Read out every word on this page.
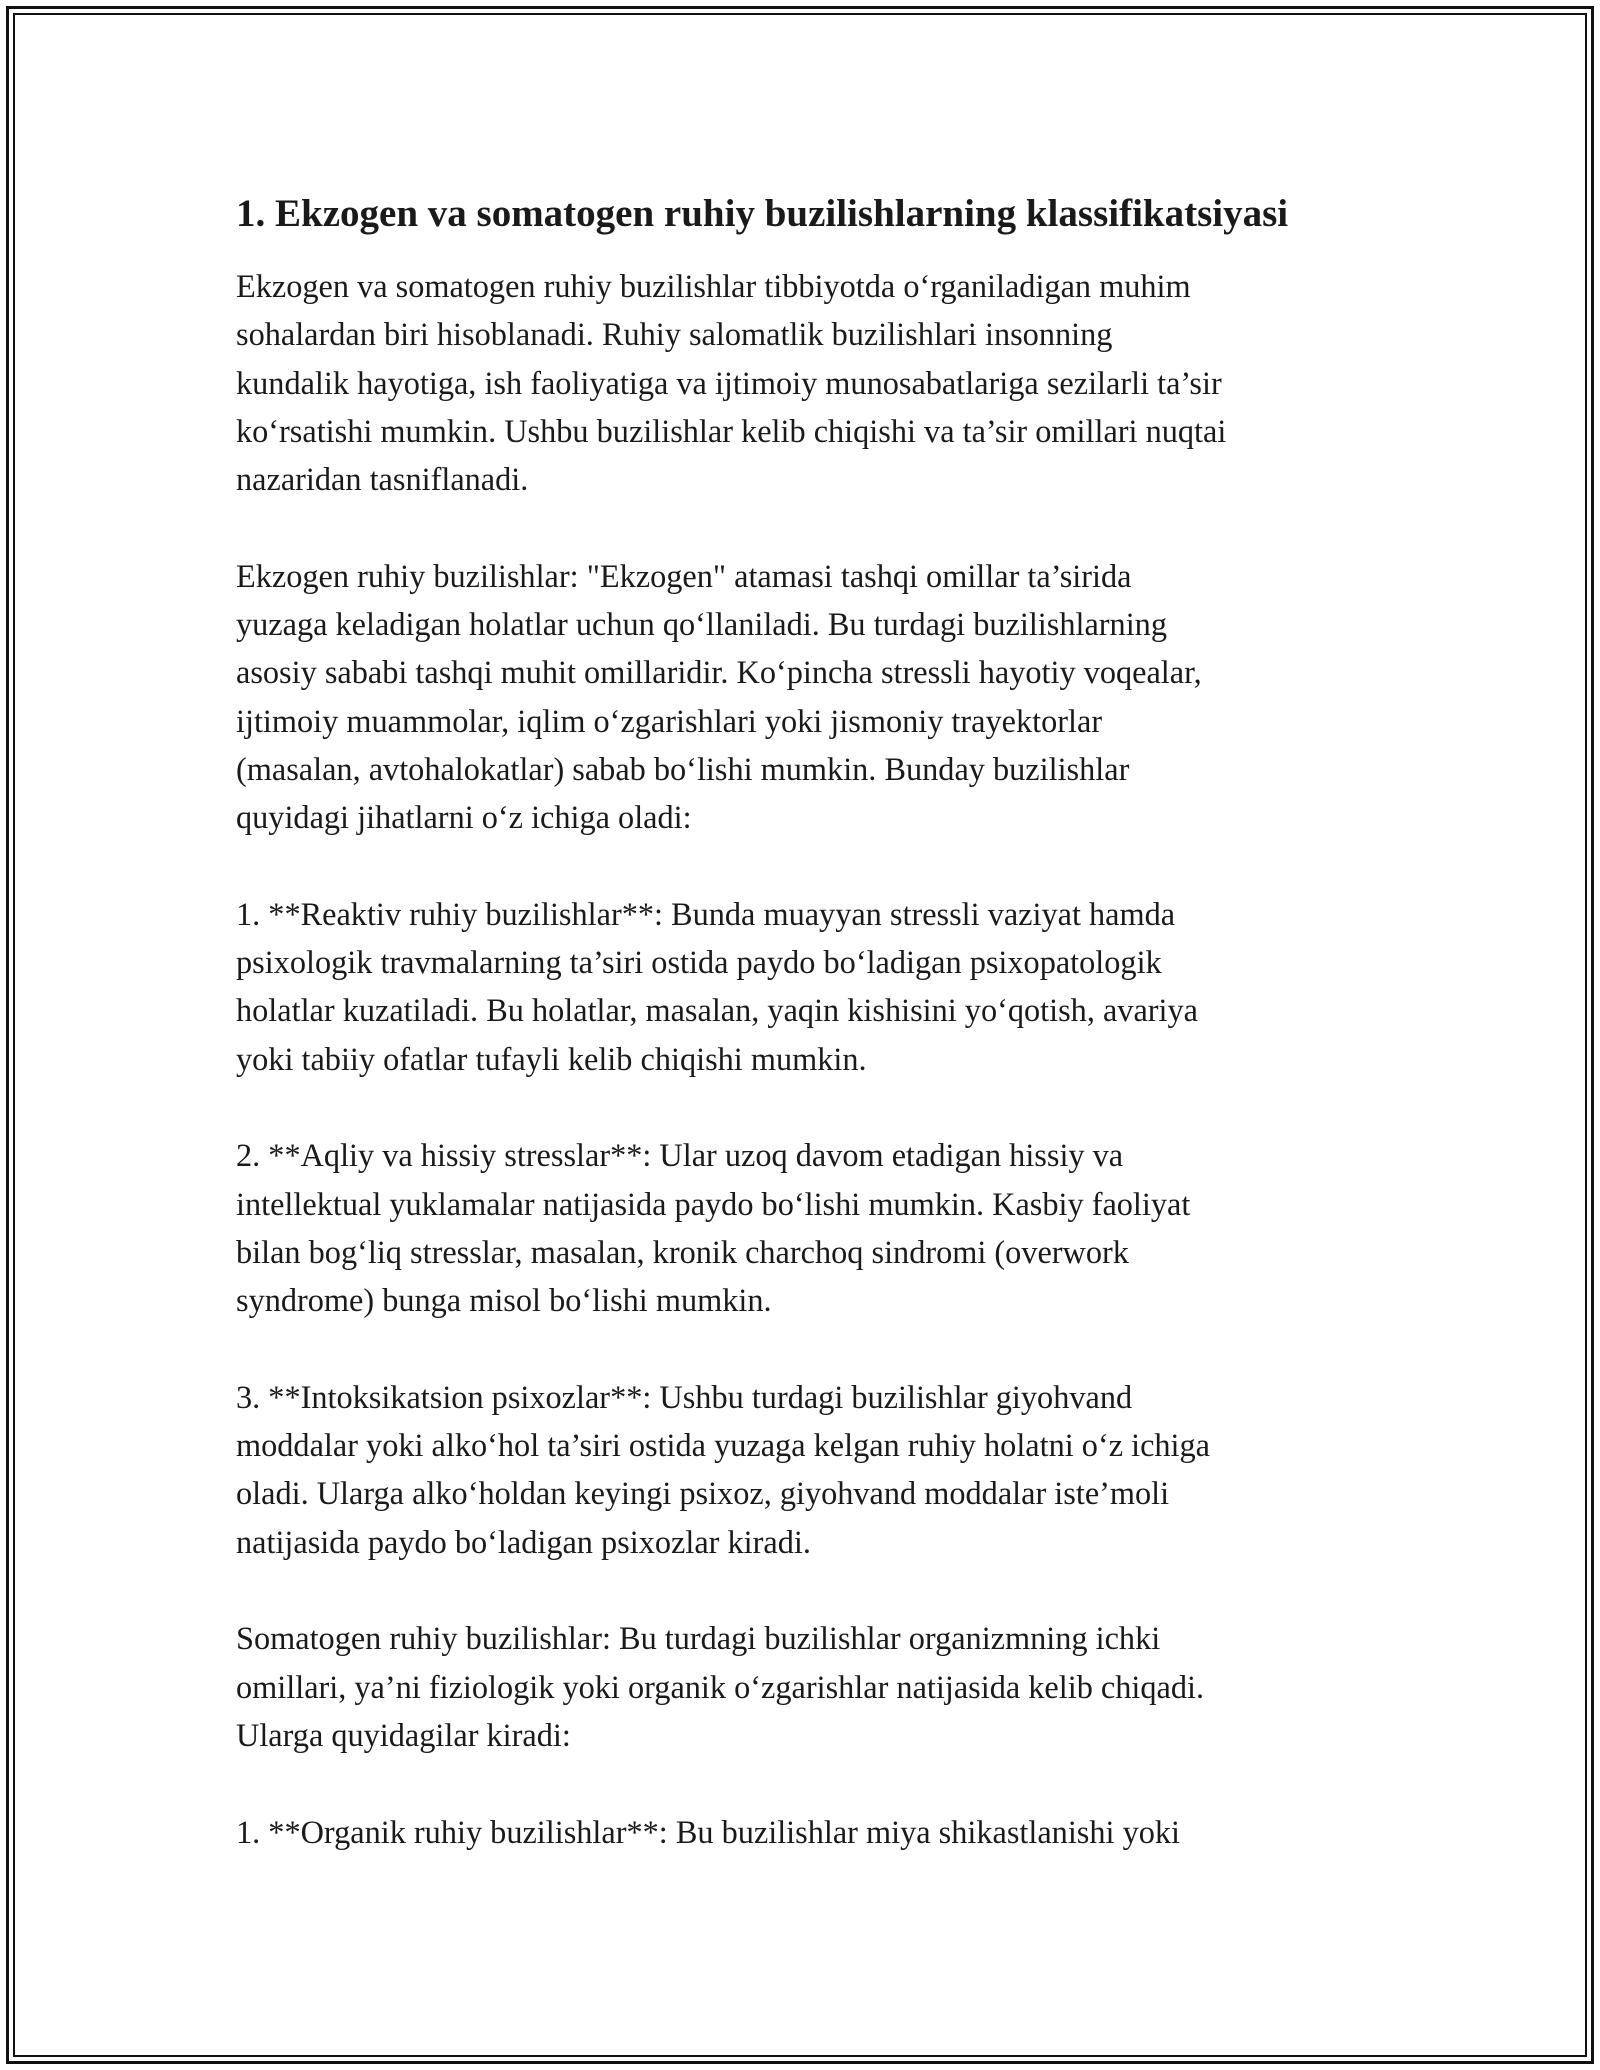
1. Ekzogen va somatogen ruhiy buzilishlarning klassifikatsiyasi

Ekzogen va somatogen ruhiy buzilishlar tibbiyotda o‘rganiladigan muhim
sohalardan biri hisoblanadi. Ruhiy salomatlik buzilishlari insonning
kundalik hayotiga, ish faoliyatiga va ijtimoiy munosabatlariga sezilarli ta’sir
ko‘rsatishi mumkin. Ushbu buzilishlar kelib chiqishi va ta’sir omillari nuqtai
nazaridan tasniflanadi.

Ekzogen ruhiy buzilishlar: "Ekzogen" atamasi tashqi omillar ta’sirida
yuzaga keladigan holatlar uchun qo‘llaniladi. Bu turdagi buzilishlarning
asosiy sababi tashqi muhit omillaridir. Ko‘pincha stressli hayotiy voqealar,
ijtimoiy muammolar, iqlim o‘zgarishlari yoki jismoniy trayektorlar
(masalan, avtohalokatlar) sabab bo‘lishi mumkin. Bunday buzilishlar
quyidagi jihatlarni o‘z ichiga oladi:

1. **Reaktiv ruhiy buzilishlar**: Bunda muayyan stressli vaziyat hamda
psixologik travmalarning ta’siri ostida paydo bo‘ladigan psixopatologik
holatlar kuzatiladi. Bu holatlar, masalan, yaqin kishisini yo‘qotish, avariya
yoki tabiiy ofatlar tufayli kelib chiqishi mumkin.

2. **Aqliy va hissiy stresslar**: Ular uzoq davom etadigan hissiy va
intellektual yuklamalar natijasida paydo bo‘lishi mumkin. Kasbiy faoliyat
bilan bog‘liq stresslar, masalan, kronik charchoq sindromi (overwork
syndrome) bunga misol bo‘lishi mumkin.

3. **Intoksikatsion psixozlar**: Ushbu turdagi buzilishlar giyohvand
moddalar yoki alko‘hol ta’siri ostida yuzaga kelgan ruhiy holatni o‘z ichiga
oladi. Ularga alko‘holdan keyingi psixoz, giyohvand moddalar iste’moli
natijasida paydo bo‘ladigan psixozlar kiradi.

Somatogen ruhiy buzilishlar: Bu turdagi buzilishlar organizmning ichki
omillari, ya’ni fiziologik yoki organik o‘zgarishlar natijasida kelib chiqadi.
Ularga quyidagilar kiradi:

1. **Organik ruhiy buzilishlar**: Bu buzilishlar miya shikastlanishi yoki
